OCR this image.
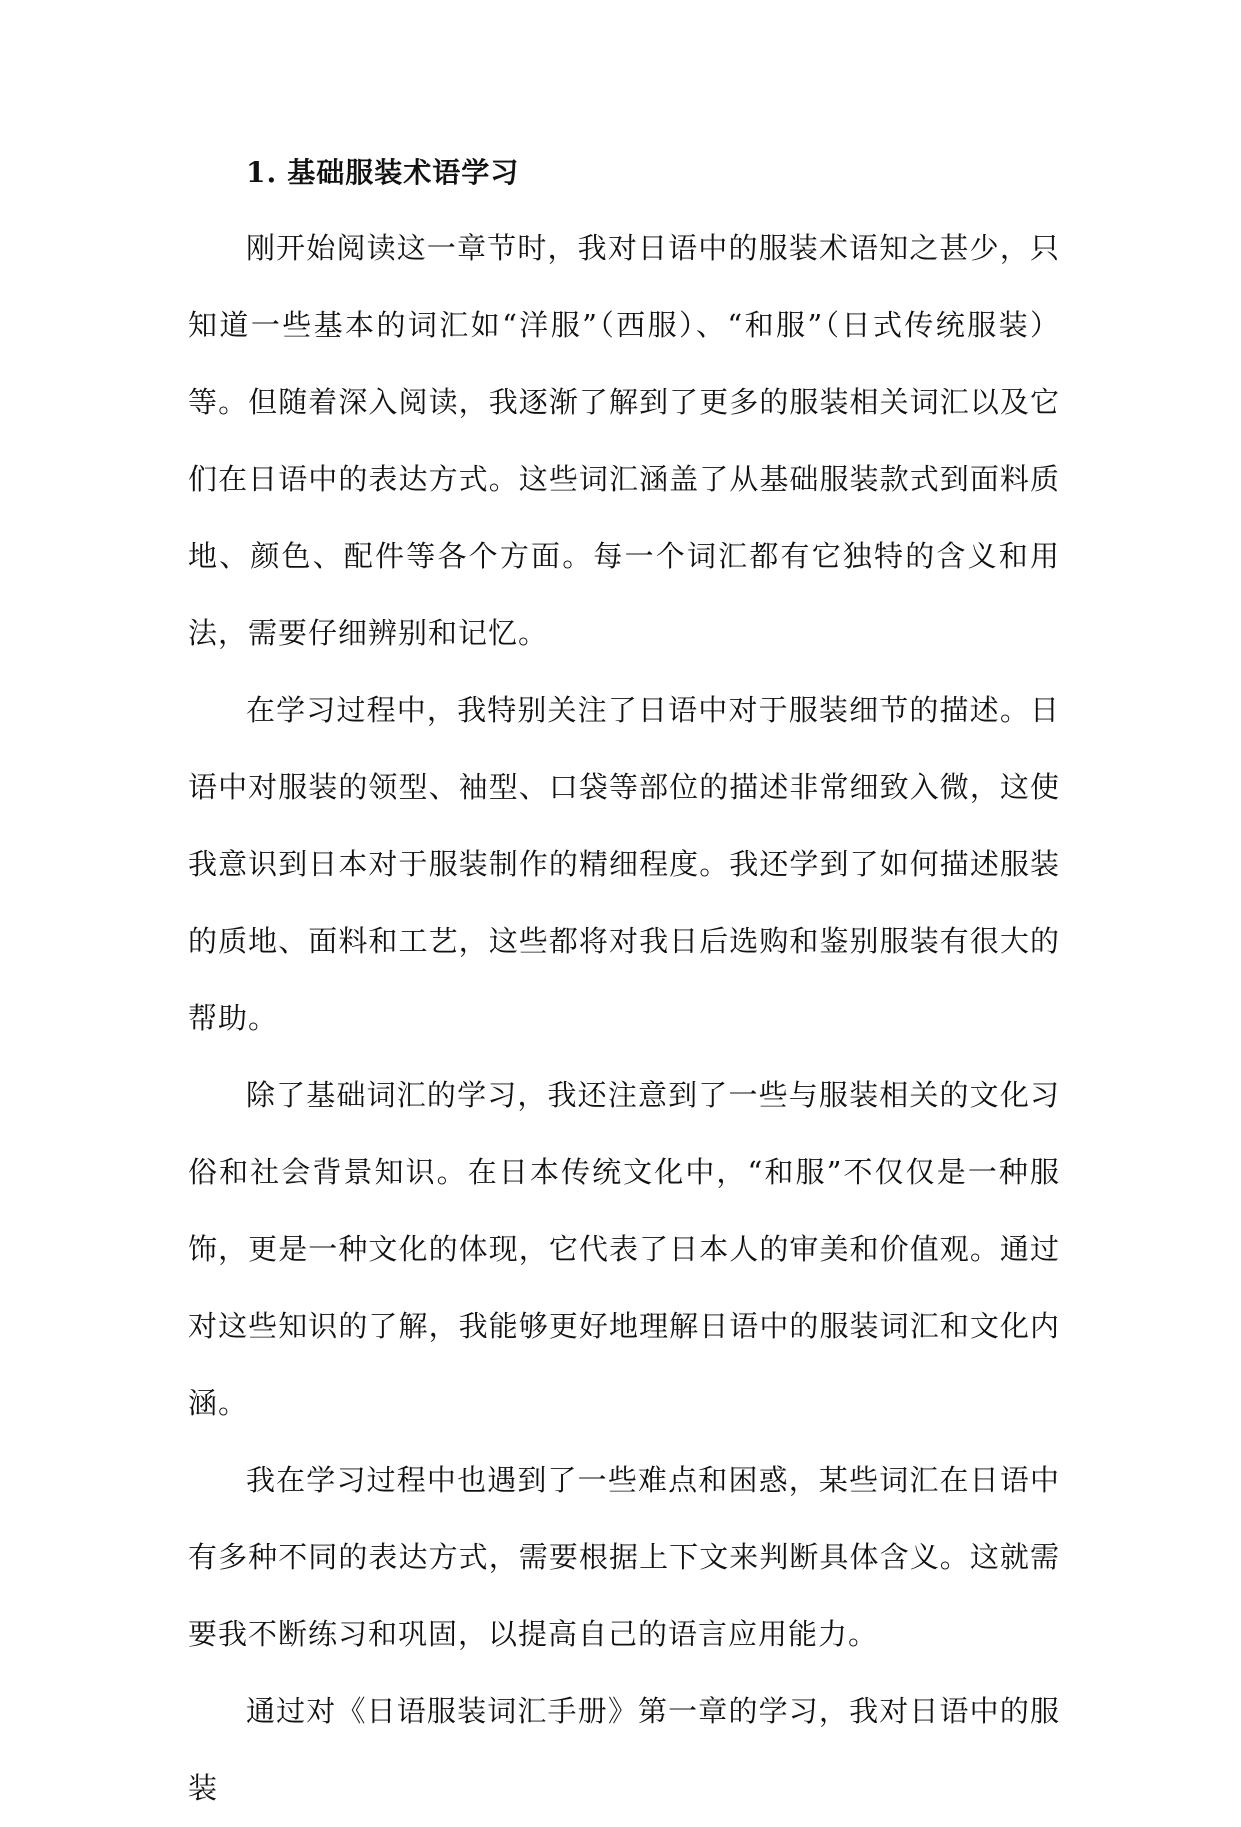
1. 基础服装术语学习

刚开始阅读这一章节时，我对日语中的服装术语知之甚少，只知道一些基本的词汇如“洋服”（西服）、“和服”（日式传统服装）等。但随着深入阅读，我逐渐了解到了更多的服装相关词汇以及它们在日语中的表达方式。这些词汇涵盖了从基础服装款式到面料质地、颜色、配件等各个方面。每一个词汇都有它独特的含义和用法，需要仔细辨别和记忆。

在学习过程中，我特别关注了日语中对于服装细节的描述。日语中对服装的领型、袖型、口袋等部位的描述非常细致入微，这使我意识到日本对于服装制作的精细程度。我还学到了如何描述服装的质地、面料和工艺，这些都将对我日后选购和鉴别服装有很大的帮助。

除了基础词汇的学习，我还注意到了一些与服装相关的文化习俗和社会背景知识。在日本传统文化中，“和服”不仅仅是一种服饰，更是一种文化的体现，它代表了日本人的审美和价值观。通过对这些知识的了解，我能够更好地理解日语中的服装词汇和文化内涵。

我在学习过程中也遇到了一些难点和困惑，某些词汇在日语中有多种不同的表达方式，需要根据上下文来判断具体含义。这就需要我不断练习和巩固，以提高自己的语言应用能力。

通过对《日语服装词汇手册》第一章的学习，我对日语中的服装
